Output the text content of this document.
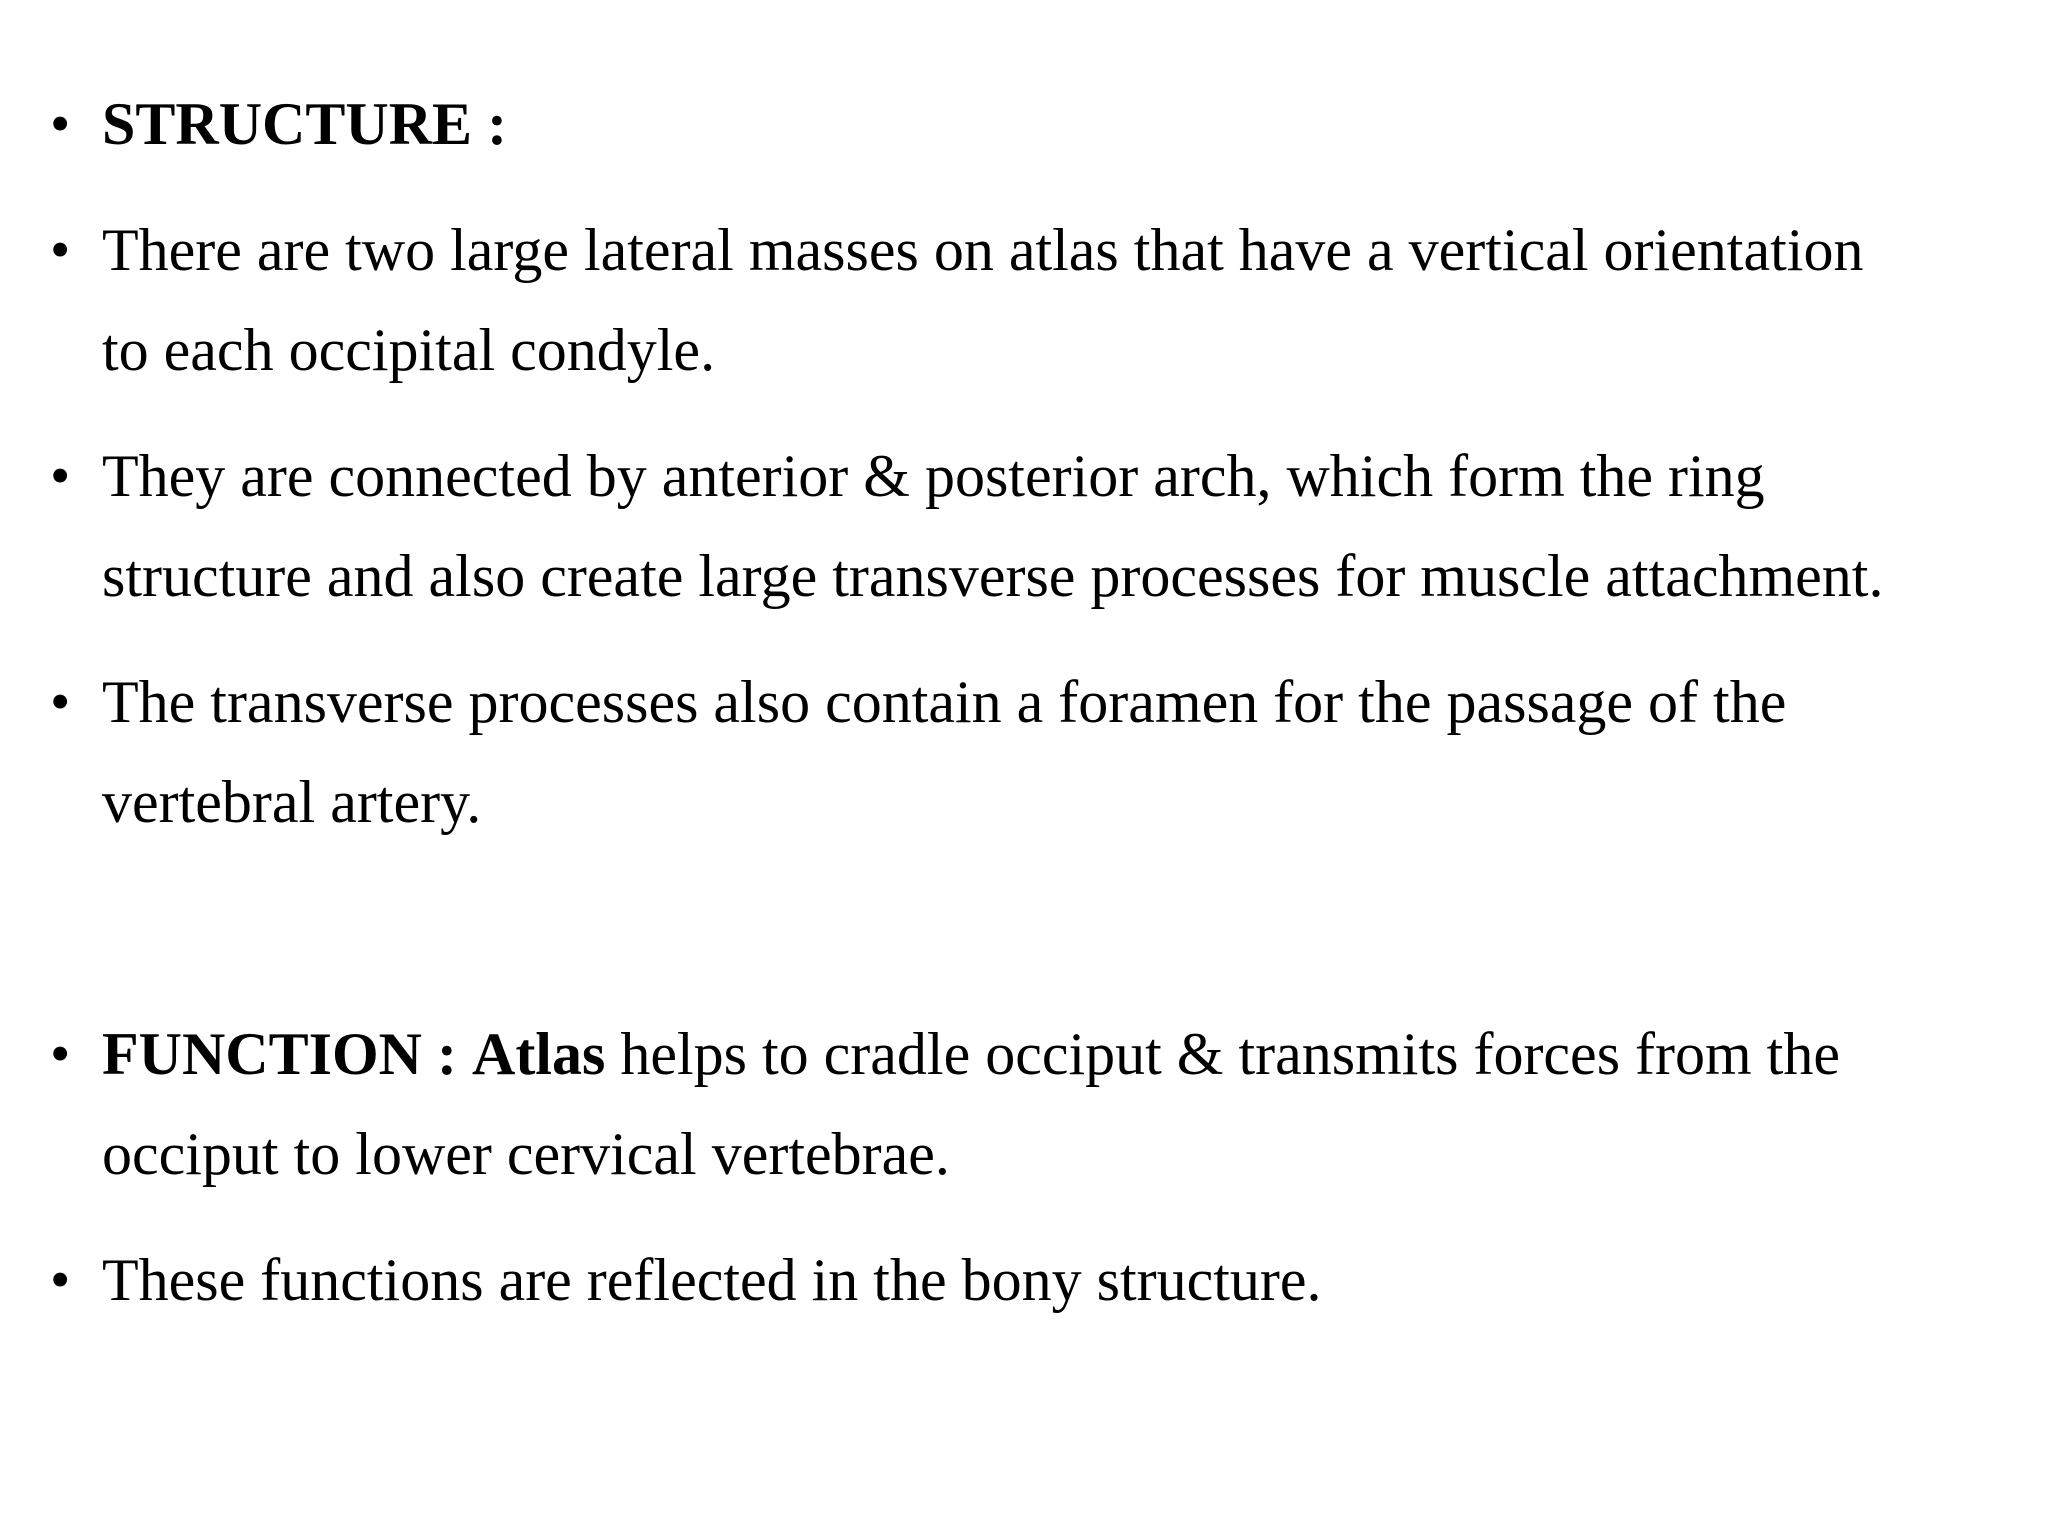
• STRUCTURE :
• There are two large lateral masses on atlas that have a vertical orientation
to each occipital condyle.
• They are connected by anterior & posterior arch, which form the ring
structure and also create large transverse processes for muscle attachment.
• The transverse processes also contain a foramen for the passage of the
vertebral artery.
• FUNCTION : Atlas helps to cradle occiput & transmits forces from the
occiput to lower cervical vertebrae.
• These functions are reflected in the bony structure.
